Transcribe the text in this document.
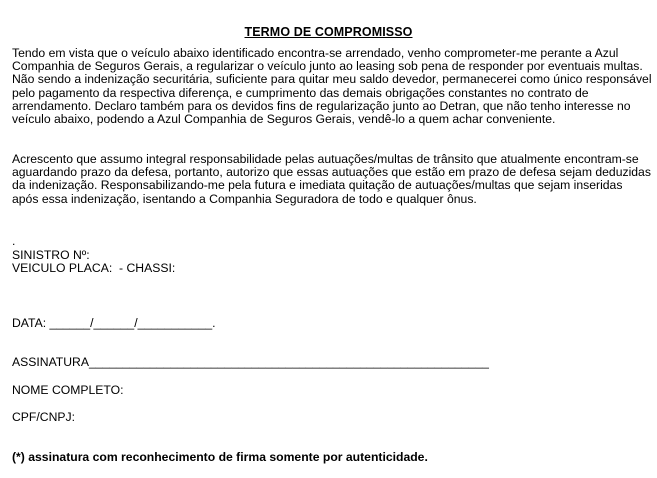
TERMO DE COMPROMISSO

Tendo em vista que o veículo abaixo identificado encontra-se arrendado, venho comprometer-me perante a Azul Companhia de Seguros Gerais, a regularizar o veículo junto ao leasing sob pena de responder por eventuais multas. Não sendo a indenização securitária, suficiente para quitar meu saldo devedor, permanecerei como único responsável pelo pagamento da respectiva diferença, e cumprimento das demais obrigações constantes no contrato de arrendamento. Declaro também para os devidos fins de regularização junto ao Detran, que não tenho interesse no veículo abaixo, podendo a Azul Companhia de Seguros Gerais, vendê-lo a quem achar conveniente.

Acrescento que assumo integral responsabilidade pelas autuações/multas de trânsito que atualmente encontram-se aguardando prazo da defesa, portanto, autorizo que essas autuações que estão em prazo de defesa sejam deduzidas da indenização. Responsabilizando-me pela futura e imediata quitação de autuações/multas que sejam inseridas após essa indenização, isentando a Companhia Seguradora de todo e qualquer ônus.

.
SINISTRO Nº:
VEICULO PLACA:  - CHASSI:
DATA: ______/______/___________.
ASSINATURA___________________________________________________________
NOME COMPLETO:
CPF/CNPJ:
(*) assinatura com reconhecimento de firma somente por autenticidade.
